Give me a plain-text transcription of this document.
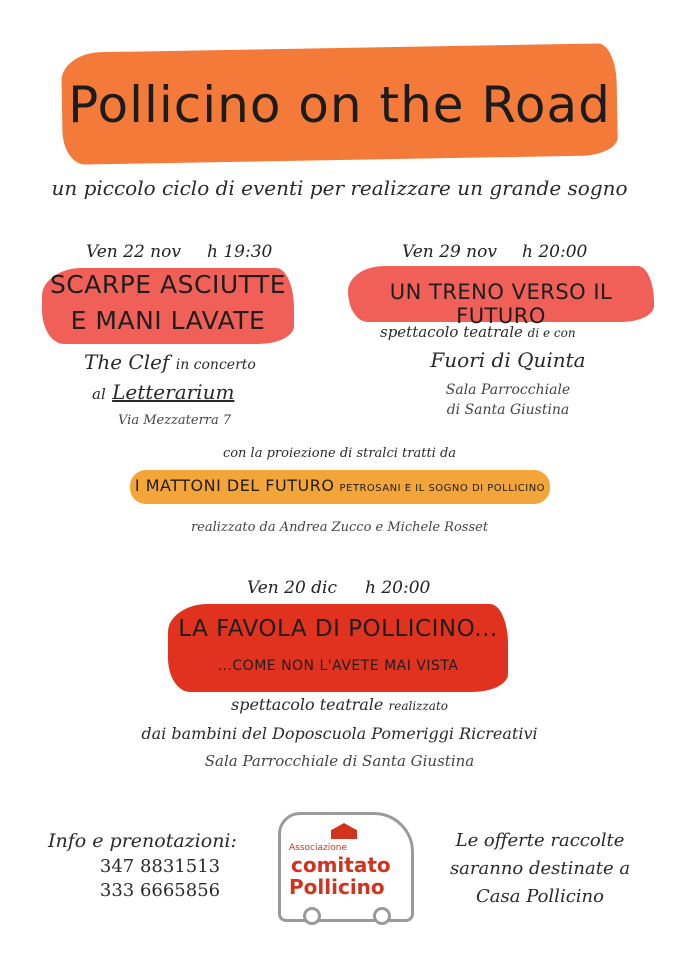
Pollicino on the Road
un piccolo ciclo di eventi per realizzare un grande sogno
Ven 22 nov h 19:30
SCARPE ASCIUTTE
E MANI LAVATE
The Clef in concerto
al Letterarium
Via Mezzaterra 7
Ven 29 nov h 20:00
UN TRENO VERSO IL FUTURO
spettacolo teatrale di e con
Fuori di Quinta
Sala Parrocchiale
di Santa Giustina
con la proiezione di stralci tratti da
I MATTONI DEL FUTURO PETROSANI E IL SOGNO DI POLLICINO
realizzato da Andrea Zucco e Michele Rosset
Ven 20 dic h 20:00
LA FAVOLA DI POLLICINO...
...COME NON L'AVETE MAI VISTA
spettacolo teatrale realizzato
dai bambini del Doposcuola Pomeriggi Ricreativi
Sala Parrocchiale di Santa Giustina
Info e prenotazioni:
347 8831513
333 6665856
Associazione
comitato
Pollicino
Le offerte raccolte
saranno destinate a
Casa Pollicino
